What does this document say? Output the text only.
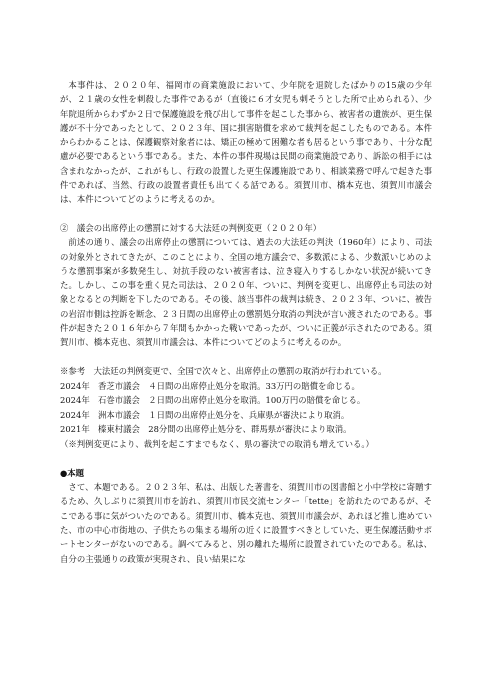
本事件は、２０２０年、福岡市の商業施設において、少年院を退院したばかりの15歳の少年が、２１歳の女性を刺殺した事件であるが（直後に６才女児も刺そうとした所で止められる）、少年院退所からわずか２日で保護施設を飛び出して事件を起こした事から、被害者の遺族が、更生保護が不十分であったとして、２０２３年、国に損害賠償を求めて裁判を起こしたものである。本件からわかることは、保護観察対象者には、矯正の極めて困難な者も居るという事であり、十分な配慮が必要であるという事である。また、本件の事件現場は民間の商業施設であり、訴訟の相手には含まれなかったが、これがもし、行政の設置した更生保護施設であり、相談業務で呼んで起きた事件であれば、当然、行政の設置者責任も出てくる話である。須賀川市、橋本克也、須賀川市議会は、本件についてどのように考えるのか。

②　議会の出席停止の懲罰に対する大法廷の判例変更（２０２０年）

前述の通り、議会の出席停止の懲罰については、過去の大法廷の判決（1960年）により、司法の対象外とされてきたが、このことにより、全国の地方議会で、多数派による、少数派いじめのような懲罰事案が多数発生し、対抗手段のない被害者は、泣き寝入りするしかない状況が続いてきた。しかし、この事を重く見た司法は、２０２０年、ついに、判例を変更し、出席停止も司法の対象となるとの判断を下したのである。その後、該当事件の裁判は続き、２０２３年、ついに、被告の岩沼市側は控訴を断念、２３日間の出席停止の懲罰処分取消の判決が言い渡されたのである。事件が起きた２０１６年から７年間もかかった戦いであったが、ついに正義が示されたのである。須賀川市、橋本克也、須賀川市議会は、本件についてどのように考えるのか。

※参考　大法廷の判例変更で、全国で次々と、出席停止の懲罰の取消が行われている。

2024年 香芝市議会　４日間の出席停止処分を取消。33万円の賠償を命じる。
2024年 石巻市議会　２日間の出席停止処分を取消。100万円の賠償を命じる。
2024年 洲本市議会　１日間の出席停止処分を、兵庫県が審決により取消。
2021年 榛東村議会　28分間の出席停止処分を、群馬県が審決により取消。

（※判例変更により、裁判を起こすまでもなく、県の審決での取消も増えている。）

●本題

さて、本題である。２０２３年、私は、出版した著書を、須賀川市の図書館と小中学校に寄贈するため、久しぶりに須賀川市を訪れ、須賀川市民交流センター「tette」を訪れたのであるが、そこである事に気がついたのである。須賀川市、橋本克也、須賀川市議会が、あれほど推し進めていた、市の中心市街地の、子供たちの集まる場所の近くに設置すべきとしていた、更生保護活動サポートセンターがないのである。調べてみると、別の離れた場所に設置されていたのである。私は、自分の主張通りの政策が実現され、良い結果にな
